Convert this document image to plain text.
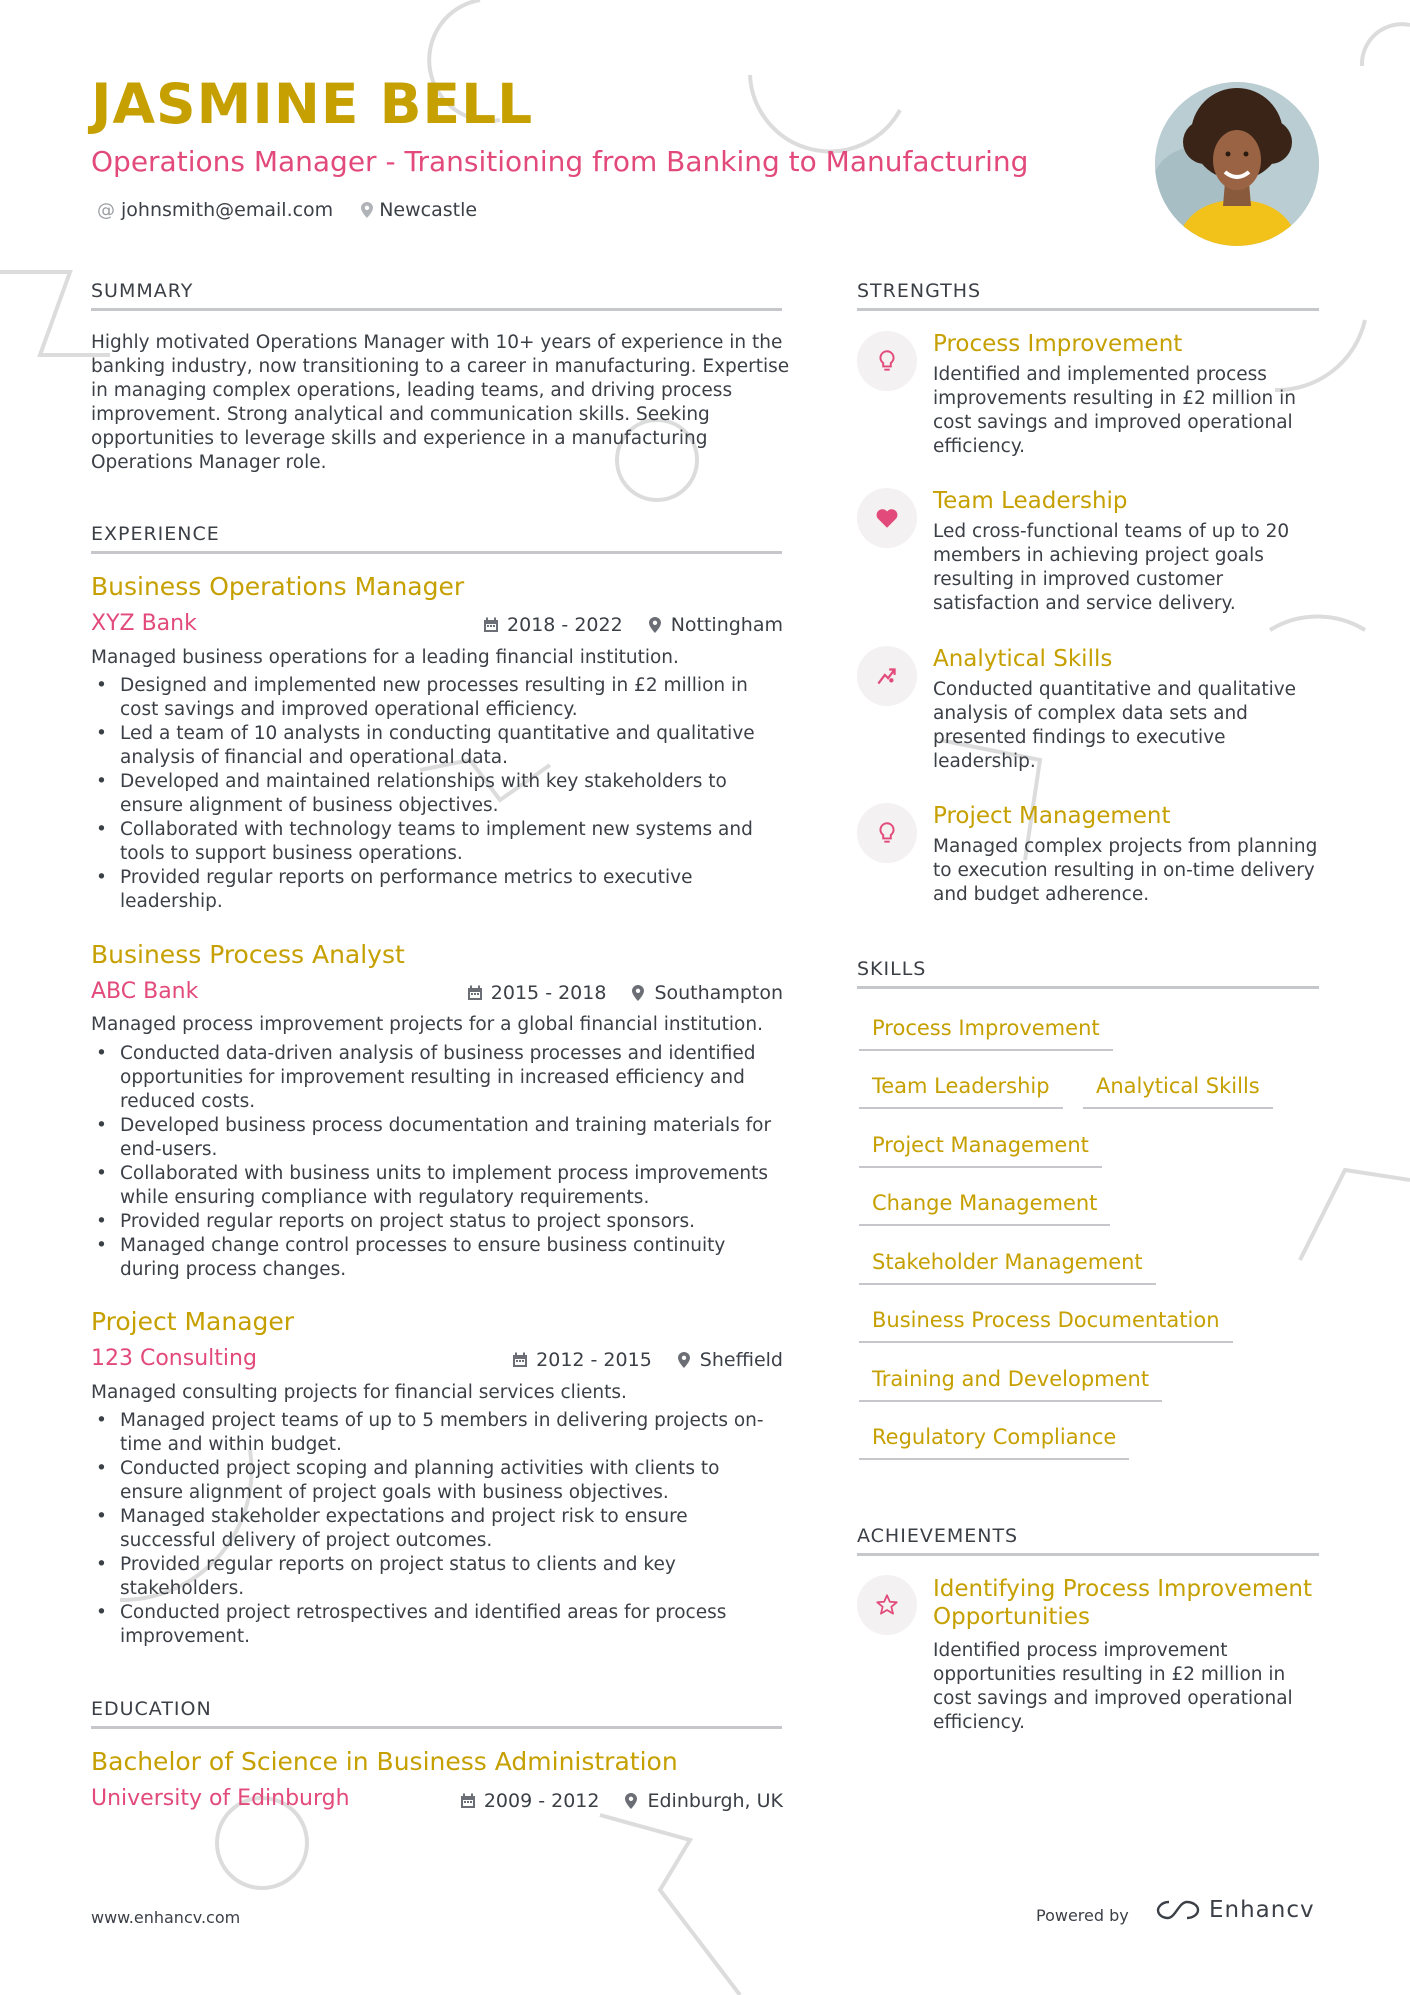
JASMINE BELL
Operations Manager - Transitioning from Banking to Manufacturing
@ johnsmith@email.com Newcastle
SUMMARY
Highly motivated Operations Manager with 10+ years of experience in the
banking industry, now transitioning to a career in manufacturing. Expertise
in managing complex operations, leading teams, and driving process
improvement. Strong analytical and communication skills. Seeking
opportunities to leverage skills and experience in a manufacturing
Operations Manager role.
EXPERIENCE
Business Operations Manager
XYZ Bank	2018 - 2022	Nottingham
Managed business operations for a leading financial institution.
• Designed and implemented new processes resulting in £2 million in
cost savings and improved operational efficiency.
• Led a team of 10 analysts in conducting quantitative and qualitative
analysis of financial and operational data.
• Developed and maintained relationships with key stakeholders to
ensure alignment of business objectives.
• Collaborated with technology teams to implement new systems and
tools to support business operations.
• Provided regular reports on performance metrics to executive
leadership.
Business Process Analyst
ABC Bank	2015 - 2018	Southampton
Managed process improvement projects for a global financial institution.
• Conducted data-driven analysis of business processes and identified
opportunities for improvement resulting in increased efficiency and
reduced costs.
• Developed business process documentation and training materials for
end-users.
• Collaborated with business units to implement process improvements
while ensuring compliance with regulatory requirements.
• Provided regular reports on project status to project sponsors.
• Managed change control processes to ensure business continuity
during process changes.
Project Manager
123 Consulting	2012 - 2015	Sheffield
Managed consulting projects for financial services clients.
• Managed project teams of up to 5 members in delivering projects on-
time and within budget.
• Conducted project scoping and planning activities with clients to
ensure alignment of project goals with business objectives.
• Managed stakeholder expectations and project risk to ensure
successful delivery of project outcomes.
• Provided regular reports on project status to clients and key
stakeholders.
• Conducted project retrospectives and identified areas for process
improvement.
EDUCATION
Bachelor of Science in Business Administration
University of Edinburgh	2009 - 2012	Edinburgh, UK
STRENGTHS
Process Improvement
Identified and implemented process
improvements resulting in £2 million in
cost savings and improved operational
efficiency.
Team Leadership
Led cross-functional teams of up to 20
members in achieving project goals
resulting in improved customer
satisfaction and service delivery.
Analytical Skills
Conducted quantitative and qualitative
analysis of complex data sets and
presented findings to executive
leadership.
Project Management
Managed complex projects from planning
to execution resulting in on-time delivery
and budget adherence.
SKILLS
Process Improvement
Team Leadership	Analytical Skills
Project Management
Change Management
Stakeholder Management
Business Process Documentation
Training and Development
Regulatory Compliance
ACHIEVEMENTS
Identifying Process Improvement
Opportunities
Identified process improvement
opportunities resulting in £2 million in
cost savings and improved operational
efficiency.
www.enhancv.com	Powered by	Enhancv
